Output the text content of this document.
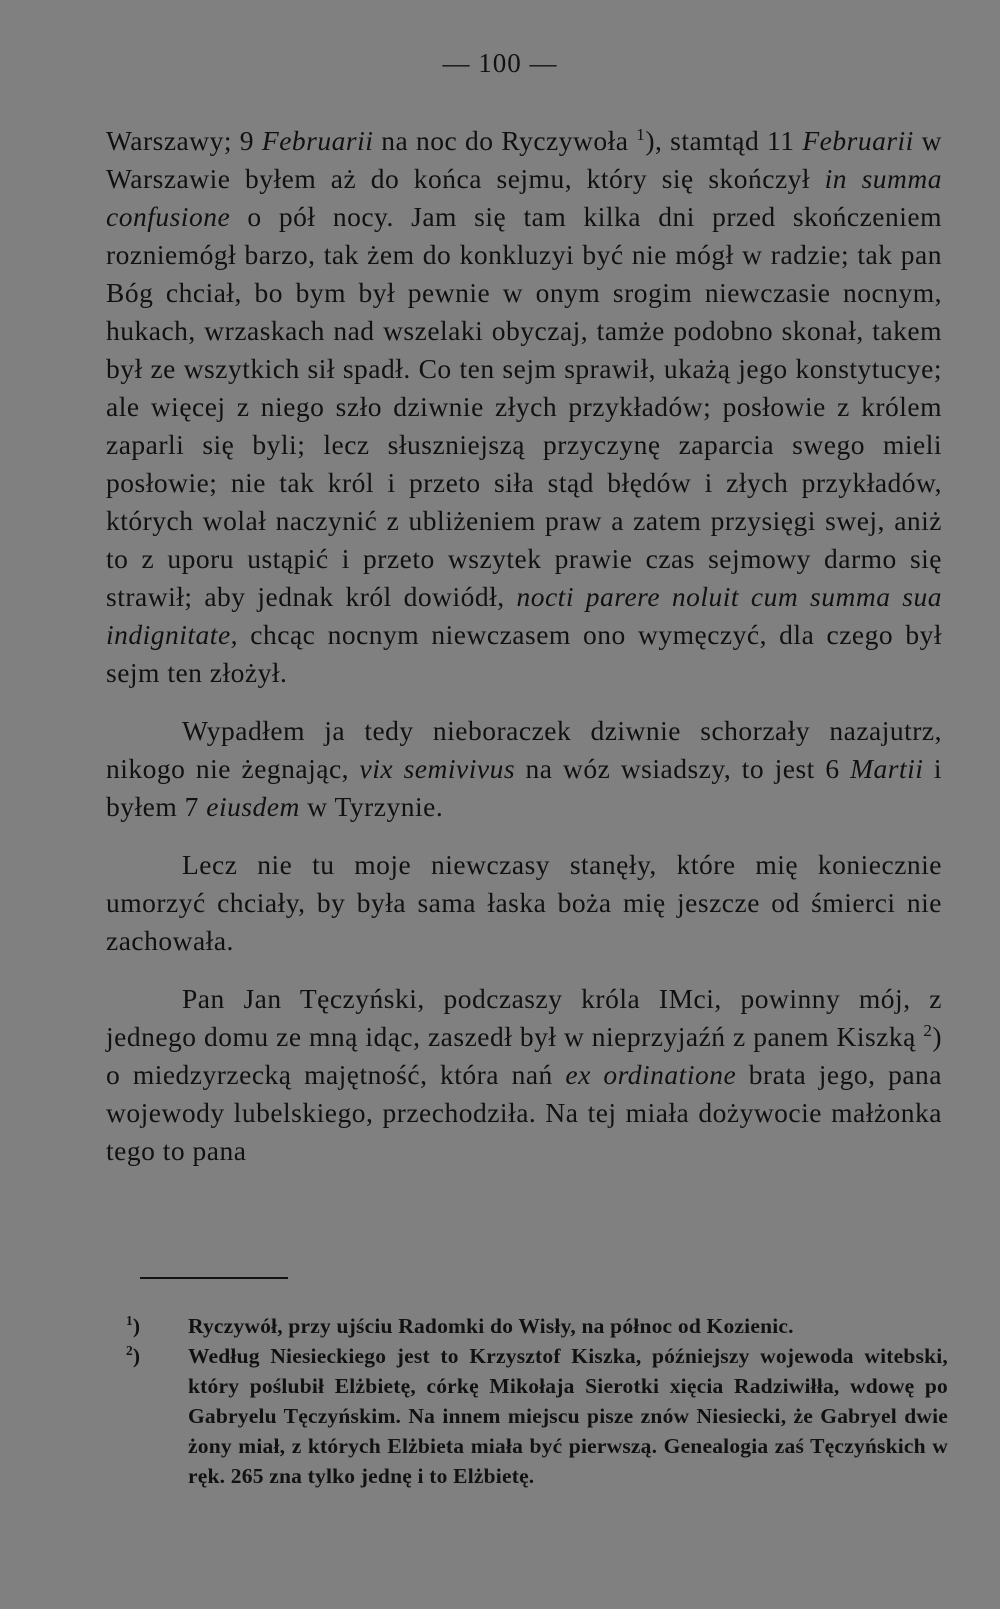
— 100 —

Warszawy; 9 Februarii na noc do Ryczywoła $^1$), stamtąd 11 Februarii w Warszawie byłem aż do końca sejmu, który się skończył in summa confusione o pół nocy. Jam się tam kilka dni przed skończeniem rozniemógł barzo, tak żem do konkluzyi być nie mógł w radzie; tak pan Bóg chciał, bo bym był pewnie w onym srogim niewczasie nocnym, hukach, wrzaskach nad wszelaki obyczaj, tamże podobno skonał, takem był ze wszytkich sił spadł. Co ten sejm sprawił, ukażą jego konstytucye; ale więcej z niego szło dziwnie złych przykładów; posłowie z królem zaparli się byli; lecz słuszniejszą przyczynę zaparcia swego mieli posłowie; nie tak król i przeto siła stąd błędów i złych przykładów, których wolał naczynić z ubliżeniem praw a zatem przysięgi swej, aniż to z uporu ustąpić i przeto wszytek prawie czas sejmowy darmo się strawił; aby jednak król dowiódł, nocti parere noluit cum summa sua indignitate, chcąc nocnym niewczasem ono wymęczyć, dla czego był sejm ten złożył.

Wypadłem ja tedy nieboraczek dziwnie schorzały nazajutrz, nikogo nie żegnając, vix semivivus na wóz wsiadszy, to jest 6 Martii i byłem 7 eiusdem w Tyrzynie.

Lecz nie tu moje niewczasy stanęły, które mię koniecznie umorzyć chciały, by była sama łaska boża mię jeszcze od śmierci nie zachowała.

Pan Jan Tęczyński, podczaszy króla IMci, powinny mój, z jednego domu ze mną idąc, zaszedł był w nieprzyjaźń z panem Kiszką $^2$) o miedzyrzecką majętność, która nań ex ordinatione brata jego, pana wojewody lubelskiego, przechodziła. Na tej miała dożywocie małżonka tego to pana

$^1$) Ryczywół, przy ujściu Radomki do Wisły, na północ od Kozienic.

$^2$) Według Niesieckiego jest to Krzysztof Kiszka, późniejszy wojewoda witebski, który poślubił Elżbietę, córkę Mikołaja Sierotki xięcia Radziwiłła, wdowę po Gabryelu Tęczyńskim. Na innem miejscu pisze znów Niesiecki, że Gabryel dwie żony miał, z których Elżbieta miała być pierwszą. Genealogia zaś Tęczyńskich w ręk. 265 zna tylko jednę i to Elżbietę.
